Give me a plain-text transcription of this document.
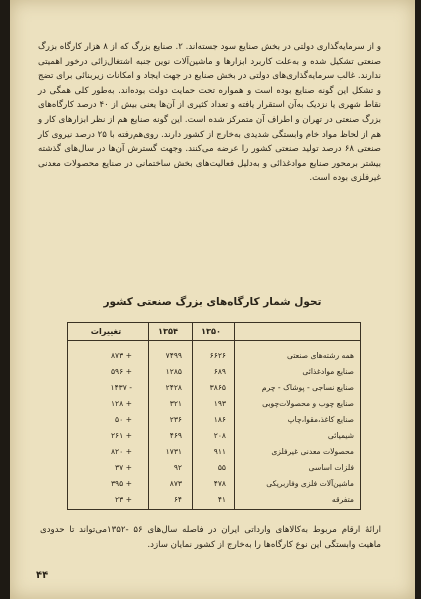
و از سرمایه‌گذاری دولتی در بخش صنایع سود جسته‌اند. ۲. صنایع بزرگ که از ۸ هزار کارگاه بزرگ صنعتی تشکیل شده و به‌علت کاربرد ابزارها و ماشین‌آلات نوین جنبه اشتغال‌زائی درخور اهمیتی ندارند. غالب سرمایه‌گذاری‌های دولتی در بخش صنایع در جهت ایجاد و امکانات زیربنائی برای تضج و تشکل این گونه صنایع بوده است و همواره تحت حمایت دولت بوده‌اند. به‌طور کلی همگی در نقاط شهری یا نزدیک به‌آن استقرار یافته و تعداد کثیری از آن‌ها یعنی بیش از ۴۰ درصد کارگاه‌های بزرگ صنعتی در تهران و اطراف آن متمرکز شده است. این گونه صنایع هم از نظر ابزارهای کار و هم از لحاظ مواد خام وابستگی شدیدی به‌خارج از کشور دارند. روی‌هم‌رفته با ۲۵ درصد نیروی کار صنعتی ۶۸ درصد تولید صنعتی کشور را عرضه می‌کنند. وجهت گسترش آن‌ها در سال‌های گذشته بیشتر برمحور صنایع موادغذائی و به‌دلیل فعالیت‌های بخش ساختمانی در صنایع محصولات معدنی غیرفلزی بوده است.

تحول شمار کارگاه‌های بزرگ صنعتی کشور
۱۳۵۰
۱۳۵۴
تغییرات
همه رشته‌های صنعتی
۶۶۲۶
۷۴۹۹
+ ۸۷۳
صنایع موادغذائی
۶۸۹
۱۲۸۵
+ ۵۹۶
صنایع نساجی - پوشاک - چرم
۳۸۶۵
۲۴۲۸
- ۱۴۳۷
صنایع چوب و محصولات‌چوبی
۱۹۳
۳۲۱
+ ۱۲۸
صنایع کاغذ،مقوا،چاپ
۱۸۶
۲۳۶
+ ۵۰
شیمیائی
۲۰۸
۴۶۹
+ ۲۶۱
محصولات معدنی غیرفلزی
۹۱۱
۱۷۳۱
+ ۸۲۰
فلزات اساسی
۵۵
۹۲
+ ۳۷
ماشین‌آلات فلزی وفاربریکی
۴۷۸
۸۷۳
+ ۳۹۵
متفرقه
۴۱
۶۴
+ ۲۳

ارائهٔ ارقام مربوط به‌کالاهای وارداتی ایران در فاصله سال‌های ۵۶ -۱۳۵۲می‌تواند تا حدودی ماهیت وابستگی این نوع کارگاه‌ها را به‌خارج از کشور نمایان سازد.

۴۴
